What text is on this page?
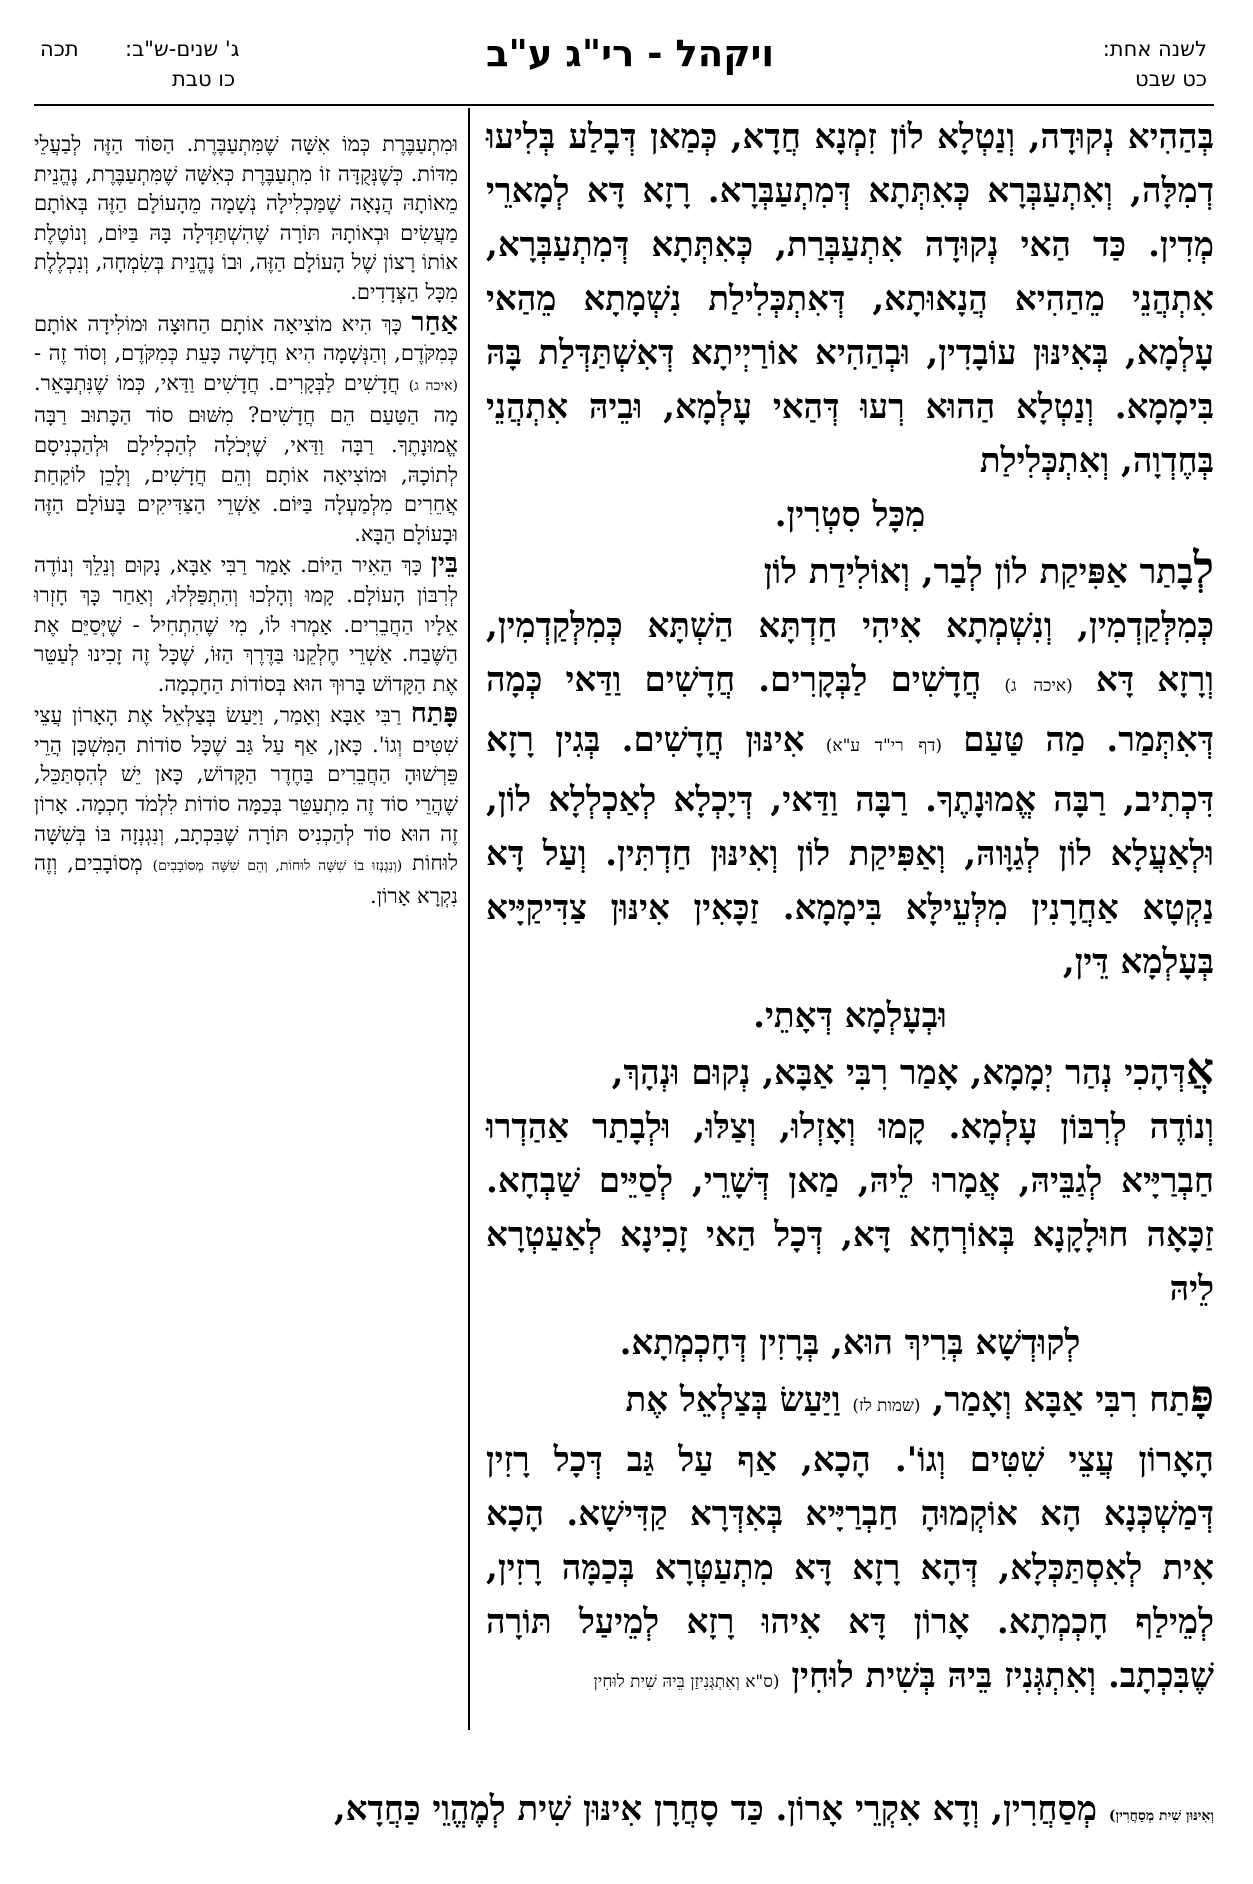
לשנה אחת:
כט שבט
ויקהל - רי"ג ע"ב
ג' שנים-ש"ב:
תכה
כו טבת

בְּהַהִיא נְקוּדָה, וְנַטְלָא לוֹן זִמְנָא חֲדָא, כְּמַאן דְּבָלַע בְּלִיעוּ דְמִלָּה, וְאִתְעַבְּרָא כְּאִתְּתָא דְּמִתְעַבְּרָא. רָזָא דָּא לְמָארֵי מְדִין. כַּד הַאי נְקוּדָה אִתְעַבְּרַת, כְּאִתְּתָא דְּמִתְעַבְּרָא, אִתְהֲנֵי מֵהַהִיא הֲנָאוּתָא, דְּאִתְכְּלִילַת נִשְׁמָתָא מֵהַאי עָלְמָא, בְּאִינּוּן עוֹבָדִין, וּבְהַהִיא אוֹרַיְיתָא דְּאִשְׁתַּדְּלַת בָּהּ בִּימָמָא. וְנַטְלָא הַהוּא רְעוּ דְּהַאי עָלְמָא, וּבֵיהּ אִתְהֲנֵי בְּחֶדְוָה, וְאִתְכְּלִילַת

מִכָּל סִטְרִין.

לְבָתַר אַפִּיקַת לוֹן לְבַר, וְאוֹלִידַת לוֹן
כְּמִלְּקַדְמִין, וְנִשְׁמְתָא אִיהִי חַדְתָּא הַשְׁתָּא כְּמִלְּקַדְמִין, וְרָזָא דָּא (איכה ג) חֲדָשִׁים לַבְּקָרִים. חֲדָשִׁים וַדַּאי כְּמָה דְּאִתְּמַר. מַה טַּעַם (דף רי"ד ע"א) אִינּוּן חֲדָשִׁים. בְּגִין רָזָא דִּכְתִיב, רַבָּה אֱמוּנָתֶךָ. רַבָּה וַדַּאי, דְּיָכְלָא לְאַכְלְלָא לוֹן, וּלְאַעֲלָא לוֹן לְגַוָּוהּ, וְאַפִּיקַת לוֹן וְאִינּוּן חַדְתִּין. וְעַל דָּא נַקְטָא אַחֲרָנִין מִלְּעֵילָּא בִּימָמָא. זַכָּאִין אִינּוּן צַדִּיקַיָּיא בְּעָלְמָא דֵּין,

וּבְעָלְמָא דְּאָתֵי.

אֲדְּהָכִי נְהַר יְמָמָא, אָמַר רִבִּי אַבָּא, נְקוּם וּנְהָךְ,
וְנוֹדֶה לְרִבּוֹן עָלְמָא. קָמוּ וְאָזְלוּ, וְצַלּוּ, וּלְבָתַר אַהַדְרוּ חַבְרַיָּיא לְגַבֵּיהּ, אֲמָרוּ לֵיהּ, מַאן דְּשָׁרֵי, לְסַיֵּים שַׁבְחָא. זַכָּאָה חוּלָקָנָא בְּאוֹרְחָא דָּא, דְּכָל הַאי זָכִינָא לְאַעַטְרָא לֵיהּ

לְקוּדְשָׁא בְּרִיךְ הוּא, בְּרָזִין דְּחָכְמְתָא.

פָּתַח רִבִּי אַבָּא וְאָמַר, (שמות לז) וַיַּעַשׂ בְּצַלְאֵל אֶת
הָאָרוֹן עֲצֵי שִׁטִּים וְגוֹ'. הָכָא, אַף עַל גַּב דְּכָל רָזִין דְּמַשְׁכְּנָא הָא אוֹקְמוּהָ חַבְרַיָּיא בְּאִדְּרָא קַדִּישָׁא. הָכָא אִית לְאִסְתַּכְּלָא, דְּהָא רָזָא דָּא מִתְעַטְּרָא בְּכַמָּה רָזִין, לְמֵילַף חָכְמְתָא. אָרוֹן דָּא אִיהוּ רָזָא לְמֵיעַל תּוֹרָה שֶׁבִּכְתָב. וְאִתְגְּנִיז בֵּיהּ בְּשִׁית לוּחִין (ס"א וְאִתְגְּנִיזַן בֵּיהּ שִׁית לוּחִין

וּמִתְעַבֶּרֶת כְּמוֹ אִשָּׁה שֶׁמִּתְעַבֶּרֶת. הַסּוֹד הַזֶּה לְבַעֲלֵי מִדּוֹת. כְּשֶׁנְּקֻדָּה זוֹ מִתְעַבֶּרֶת כְּאִשָּׁה שֶׁמִּתְעַבֶּרֶת, נֶהֱנֵית מֵאוֹתָהּ הֲנָאָה שֶׁמַּכְלִילָה נְשָׁמָה מֵהָעוֹלָם הַזֶּה בְּאוֹתָם מַעֲשִׂים וּבְאוֹתָהּ תּוֹרָה שֶׁהִשְׁתַּדְּלָה בָּהּ בַּיּוֹם, וְנוֹטֶלֶת אוֹתוֹ רָצוֹן שֶׁל הָעוֹלָם הַזֶּה, וּבוֹ נֶהֱנֵית בְּשִׂמְחָה, וְנִכְלֶלֶת מִכָּל הַצְּדָדִים.

אַחַר כָּךְ הִיא מוֹצִיאָה אוֹתָם הַחוּצָה וּמוֹלִידָה אוֹתָם כְּמִקֹּדֶם, וְהַנְּשָׁמָה הִיא חֲדָשָׁה כָּעֵת כְּמִקֹּדֶם, וְסוֹד זֶה - (איכה ג) חֲדָשִׁים לַבְּקָרִים. חֲדָשִׁים וַדַּאי, כְּמוֹ שֶׁנִּתְבָּאֵר. מָה הַטַּעַם הֵם חֲדָשִׁים? מִשּׁוּם סוֹד הַכָּתוּב רַבָּה אֱמוּנָתֶךָ. רַבָּה וַדַּאי, שֶׁיְּכֹלָה לְהַכְלִילָם וּלְהַכְנִיסָם לְתוֹכָהּ, וּמוֹצִיאָה אוֹתָם וְהֵם חֲדָשִׁים, וְלָכֵן לוֹקַחַת אֲחֵרִים מִלְמַעְלָה בַּיּוֹם. אַשְׁרֵי הַצַּדִּיקִים בָּעוֹלָם הַזֶּה וּבָעוֹלָם הַבָּא.

בֵּין כָּךְ הֵאִיר הַיּוֹם. אָמַר רַבִּי אַבָּא, נָקוּם וְנֵלֵךְ וְנוֹדֶה לְרִבּוֹן הָעוֹלָם. קָמוּ וְהָלְכוּ וְהִתְפַּלְּלוּ, וְאַחַר כָּךְ חָזְרוּ אֵלָיו הַחֲבֵרִים. אָמְרוּ לוֹ, מִי שֶׁהִתְחִיל - שֶׁיְּסַיֵּם אֶת הַשֶּׁבַח. אַשְׁרֵי חֶלְקֵנוּ בַּדֶּרֶךְ הַזּוֹ, שֶׁכָּל זֶה זָכִינוּ לְעַטֵּר אֶת הַקָּדוֹשׁ בָּרוּךְ הוּא בְּסוֹדוֹת הַחָכְמָה.

פָּתַח רַבִּי אַבָּא וְאָמַר, וַיַּעַשׂ בְּצַלְאֵל אֶת הָאָרוֹן עֲצֵי שִׁטִּים וְגוֹ'. כָּאן, אַף עַל גַּב שֶׁכָּל סוֹדוֹת הַמִּשְׁכָּן הֲרֵי פֵּרְשׁוּהָ הַחֲבֵרִים בַּחֶדֶר הַקָּדוֹשׁ, כָּאן יֵשׁ לְהִסְתַּכֵּל, שֶׁהֲרֵי סוֹד זֶה מִתְעַטֵּר בְּכַמָּה סוֹדוֹת לִלְמֹד חָכְמָה. אָרוֹן זֶה הוּא סוֹד לְהַכְנִיס תּוֹרָה שֶׁבִּכְתָב, וְנִגְנְזָה בּוֹ בְּשִׁשָּׁה לוּחוֹת (וְנִגְנְזוּ בוֹ שִׁשָּׁה לוּחוֹת, וְהֵם שִׁשָּׁה מְסוֹבָבִים) מְסוֹבָבִים, וְזֶה נִקְרָא אָרוֹן.

וְאִינּוּן שִׁית מְסַחֲרִין) מְסַחֲרִין, וְדָא אִקְרֵי אָרוֹן. כַּד סָחֲרָן אִינּוּן שִׁית לְמֶהֱוֵי כַּחֲדָא,
